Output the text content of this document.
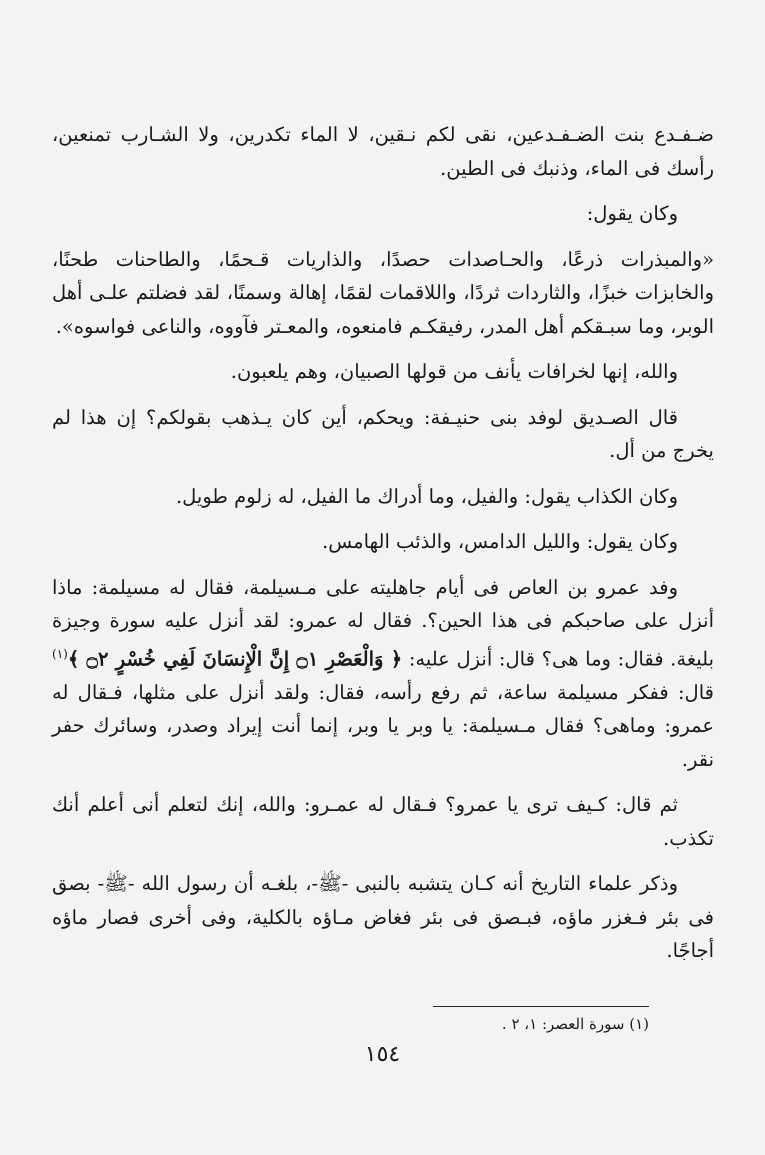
ضـفـدع بنت الضـفـدعين، نقى لكم نـقين، لا الماء تكدرين، ولا الشـارب تمنعين، رأسك فى الماء، وذنبك فى الطين.

وكان يقول:

«والمبذرات ذرعًا، والحـاصدات حصدًا، والذاريات قـحمًا، والطاحنات طحنًا، والخابزات خبزًا، والثاردات ثردًا، واللاقمات لقمًا، إهالة وسمنًا، لقد فضلتم علـى أهل الوبر، وما سبـقكم أهل المدر، رفيقكـم فامنعوه، والمعـتر فآووه، والناعى فواسوه».

والله، إنها لخرافات يأنف من قولها الصبيان، وهم يلعبون.

قال الصـديق لوفد بنى حنيـفة: ويحكم، أين كان يـذهب بقولكم؟ إن هذا لم يخرج من أل.

وكان الكذاب يقول: والفيل، وما أدراك ما الفيل، له زلوم طويل.

وكان يقول: والليل الدامس، والذئب الهامس.

وفد عمرو بن العاص فى أيام جاهليته على مـسيلمة، فقال له مسيلمة: ماذا أنزل على صاحبكم فى هذا الحين؟. فقال له عمرو: لقد أنزل عليه سورة وجيزة بليغة. فقال: وما هى؟ قال: أنزل عليه: ﴿ وَالْعَصْرِ ۝١ إِنَّ الْإِنسَانَ لَفِي خُسْرٍ ۝٢ ﴾$^{(١)}$ قال: ففكر مسيلمة ساعة، ثم رفع رأسه، فقال: ولقد أنزل على مثلها، فـقال له عمرو: وماهى؟ فقال مـسيلمة: يا وبر يا وبر، إنما أنت إيراد وصدر، وسائرك حفر نقر.

ثم قال: كـيف ترى يا عمرو؟ فـقال له عمـرو: والله، إنك لتعلم أنى أعلم أنك تكذب.

وذكر علماء التاريخ أنه كـان يتشبه بالنبى -ﷺ-، بلغـه أن رسول الله -ﷺ- بصق فى بئر فـغزر ماؤه، فبـصق فى بئر فغاض مـاؤه بالكلية، وفى أخرى فصار ماؤه أجاجًا.

(١) سورة العصر: ١، ٢ .
١٥٤
